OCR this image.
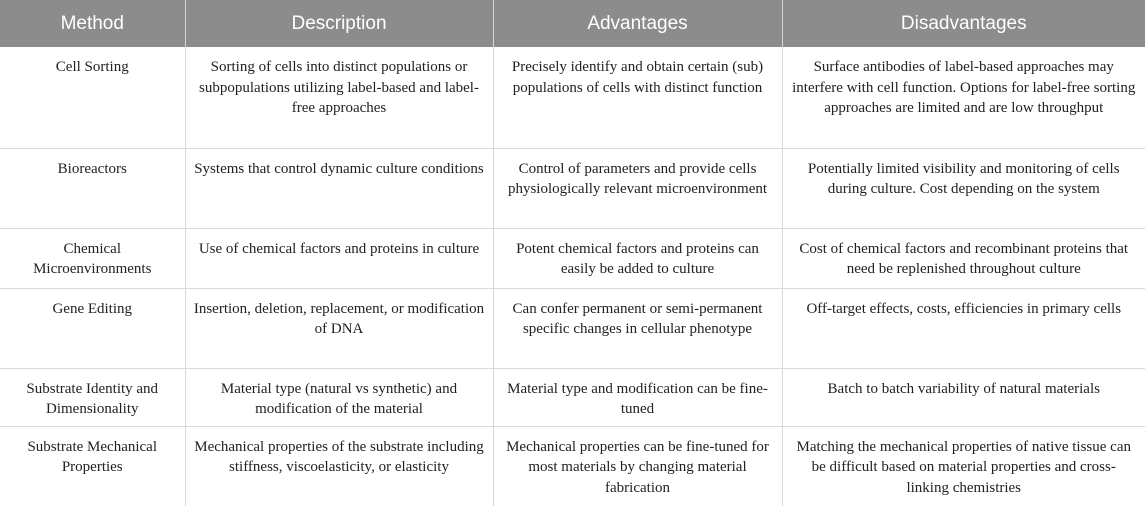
Method	Description	Advantages	Disadvantages
Cell Sorting	Sorting of cells into distinct populations or subpopulations utilizing label-based and label-free approaches	Precisely identify and obtain certain (sub) populations of cells with distinct function	Surface antibodies of label-based approaches may interfere with cell function. Options for label-free sorting approaches are limited and are low throughput
Bioreactors	Systems that control dynamic culture conditions	Control of parameters and provide cells physiologically relevant microenvironment	Potentially limited visibility and monitoring of cells during culture. Cost depending on the system
Chemical Microenvironments	Use of chemical factors and proteins in culture	Potent chemical factors and proteins can easily be added to culture	Cost of chemical factors and recombinant proteins that need be replenished throughout culture
Gene Editing	Insertion, deletion, replacement, or modification of DNA	Can confer permanent or semi-permanent specific changes in cellular phenotype	Off-target effects, costs, efficiencies in primary cells
Substrate Identity and Dimensionality	Material type (natural vs synthetic) and modification of the material	Material type and modification can be fine-tuned	Batch to batch variability of natural materials
Substrate Mechanical Properties	Mechanical properties of the substrate including stiffness, viscoelasticity, or elasticity	Mechanical properties can be fine-tuned for most materials by changing material fabrication	Matching the mechanical properties of native tissue can be difficult based on material properties and cross-linking chemistries
